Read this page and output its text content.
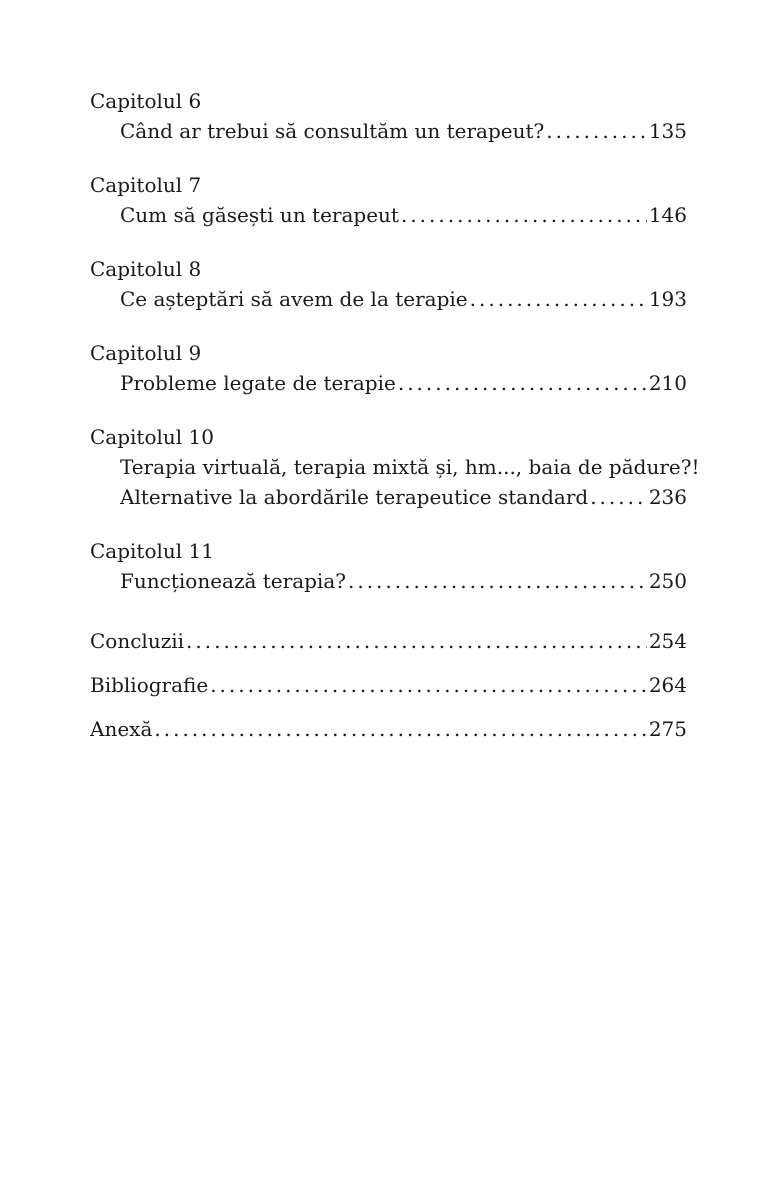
Capitolul 6
Când ar trebui să consultăm un terapeut? .....	135
Capitolul 7
Cum să găsești un terapeut .....	146
Capitolul 8
Ce așteptări să avem de la terapie .....	193
Capitolul 9
Probleme legate de terapie .....	210
Capitolul 10
Terapia virtuală, terapia mixtă și, hm..., baia de pădure?!
Alternative la abordările terapeutice standard .....	236
Capitolul 11
Funcționează terapia? .....	250
Concluzii .....	254
Bibliografie .....	264
Anexă .....	275
